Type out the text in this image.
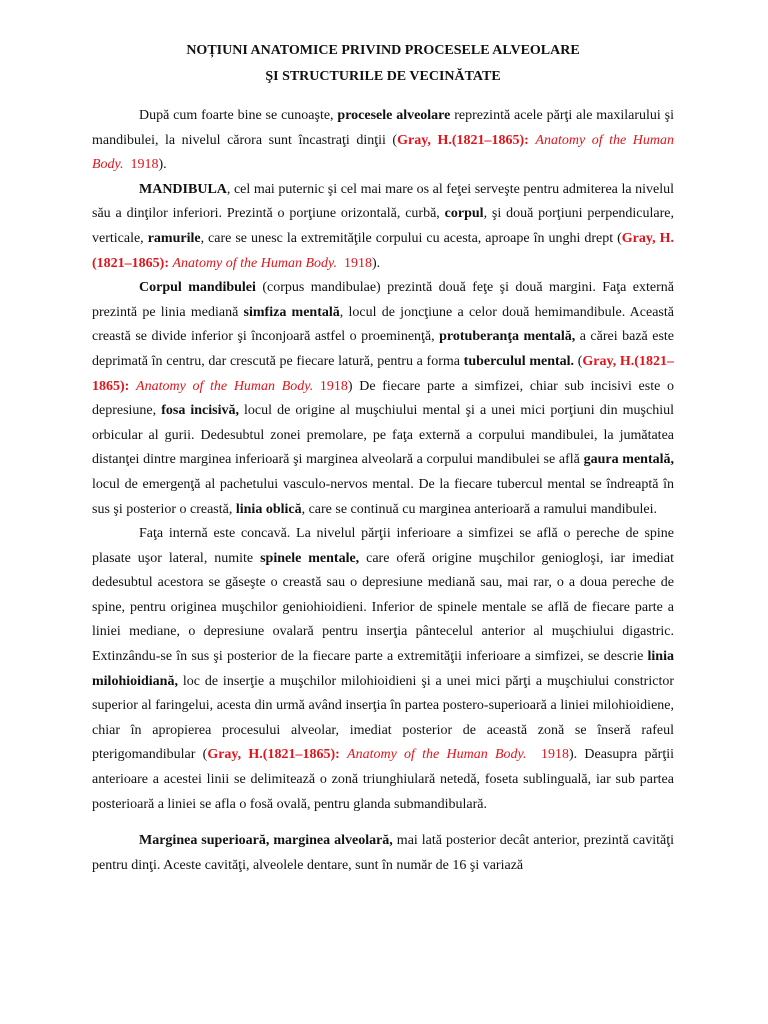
NOȚIUNI ANATOMICE PRIVIND PROCESELE ALVEOLARE
ŞI STRUCTURILE DE VECINĂTATE

După cum foarte bine se cunoaşte, procesele alveolare reprezintă acele părţi ale maxilarului şi mandibulei, la nivelul cărora sunt încastraţi dinţii (Gray, H.(1821–1865): Anatomy of the Human Body. 1918).

MANDIBULA, cel mai puternic şi cel mai mare os al feţei serveşte pentru admiterea la nivelul său a dinţilor inferiori. Prezintă o porţiune orizontală, curbă, corpul, şi două porţiuni perpendiculare, verticale, ramurile, care se unesc la extremităţile corpului cu acesta, aproape în unghi drept (Gray, H.(1821–1865): Anatomy of the Human Body. 1918).

Corpul mandibulei (corpus mandibulae) prezintă două feţe şi două margini. Faţa externă prezintă pe linia mediană simfiza mentală, locul de joncţiune a celor două hemimandibule. Această creastă se divide inferior şi înconjoară astfel o proeminenţă, protuberanţa mentală, a cărei bază este deprimată în centru, dar crescută pe fiecare latură, pentru a forma tuberculul mental. (Gray, H.(1821–1865): Anatomy of the Human Body. 1918) De fiecare parte a simfizei, chiar sub incisivi este o depresiune, fosa incisivă, locul de origine al muşchiului mental şi a unei mici porţiuni din muşchiul orbicular al gurii. Dedesubtul zonei premolare, pe faţa externă a corpului mandibulei, la jumătatea distanţei dintre marginea inferioară şi marginea alveolară a corpului mandibulei se află gaura mentală, locul de emergenţă al pachetului vasculo-nervos mental. De la fiecare tubercul mental se îndreaptă în sus şi posterior o creastă, linia oblică, care se continuă cu marginea anterioară a ramului mandibulei.

Faţa internă este concavă. La nivelul părţii inferioare a simfizei se află o pereche de spine plasate uşor lateral, numite spinele mentale, care oferă origine muşchilor geniogloşi, iar imediat dedesubtul acestora se găseşte o creastă sau o depresiune mediană sau, mai rar, o a doua pereche de spine, pentru originea muşchilor geniohioidieni. Inferior de spinele mentale se află de fiecare parte a liniei mediane, o depresiune ovalară pentru inserţia pântecelul anterior al muşchiului digastric. Extinzându-se în sus şi posterior de la fiecare parte a extremităţii inferioare a simfizei, se descrie linia milohioidiană, loc de inserţie a muşchilor milohioidieni şi a unei mici părţi a muşchiului constrictor superior al faringelui, acesta din urmă având inserţia în partea postero-superioară a liniei milohioidiene, chiar în apropierea procesului alveolar, imediat posterior de această zonă se înseră rafeul pterigomandibular (Gray, H.(1821–1865): Anatomy of the Human Body. 1918). Deasupra părţii anterioare a acestei linii se delimitează o zonă triunghiulară netedă, foseta sublinguală, iar sub partea posterioară a liniei se afla o fosă ovală, pentru glanda submandibulară.

Marginea superioară, marginea alveolară, mai lată posterior decât anterior, prezintă cavităţi pentru dinţi. Aceste cavităţi, alveolele dentare, sunt în număr de 16 şi variază
